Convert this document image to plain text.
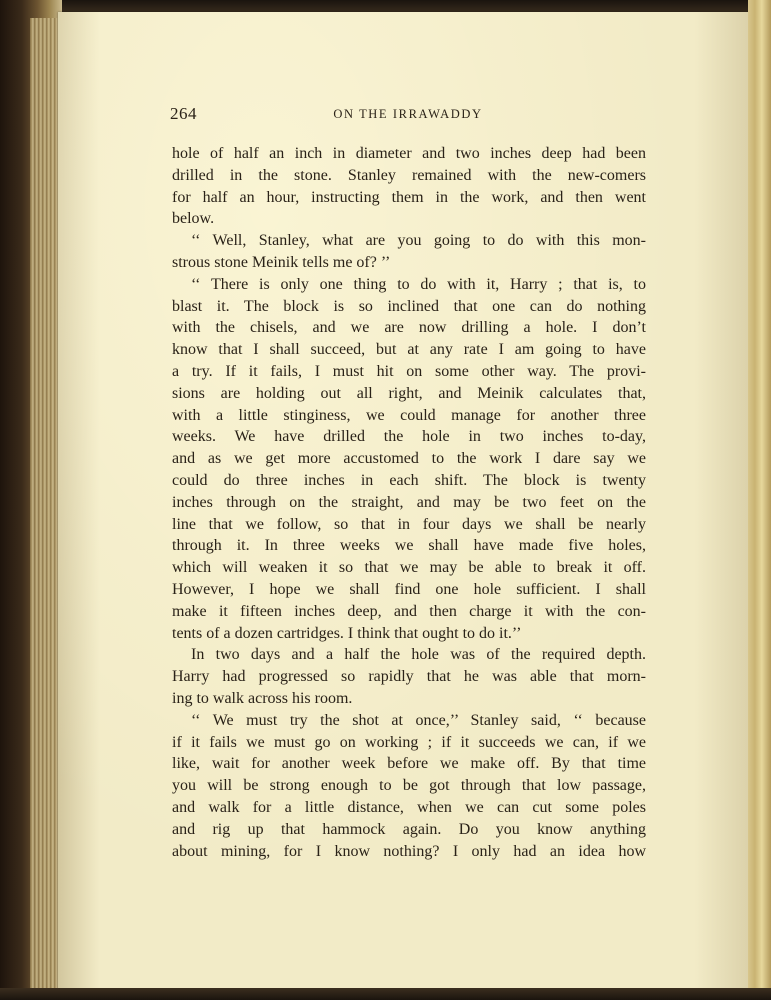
264	ON THE IRRAWADDY

hole of half an inch in diameter and two inches deep had been

drilled in the stone. Stanley remained with the new-comers

for half an hour, instructing them in the work, and then went

below.

‘‘ Well, Stanley, what are you going to do with this mon-

strous stone Meinik tells me of? ’’

‘‘ There is only one thing to do with it, Harry ; that is, to

blast it. The block is so inclined that one can do nothing

with the chisels, and we are now drilling a hole. I don’t

know that I shall succeed, but at any rate I am going to have

a try. If it fails, I must hit on some other way. The provi-

sions are holding out all right, and Meinik calculates that,

with a little stinginess, we could manage for another three

weeks. We have drilled the hole in two inches to-day,

and as we get more accustomed to the work I dare say we

could do three inches in each shift. The block is twenty

inches through on the straight, and may be two feet on the

line that we follow, so that in four days we shall be nearly

through it. In three weeks we shall have made five holes,

which will weaken it so that we may be able to break it off.

However, I hope we shall find one hole sufficient. I shall

make it fifteen inches deep, and then charge it with the con-

tents of a dozen cartridges. I think that ought to do it.’’

In two days and a half the hole was of the required depth.

Harry had progressed so rapidly that he was able that morn-

ing to walk across his room.

‘‘ We must try the shot at once,’’ Stanley said, ‘‘ because

if it fails we must go on working ; if it succeeds we can, if we

like, wait for another week before we make off. By that time

you will be strong enough to be got through that low passage,

and walk for a little distance, when we can cut some poles

and rig up that hammock again. Do you know anything

about mining, for I know nothing? I only had an idea how
